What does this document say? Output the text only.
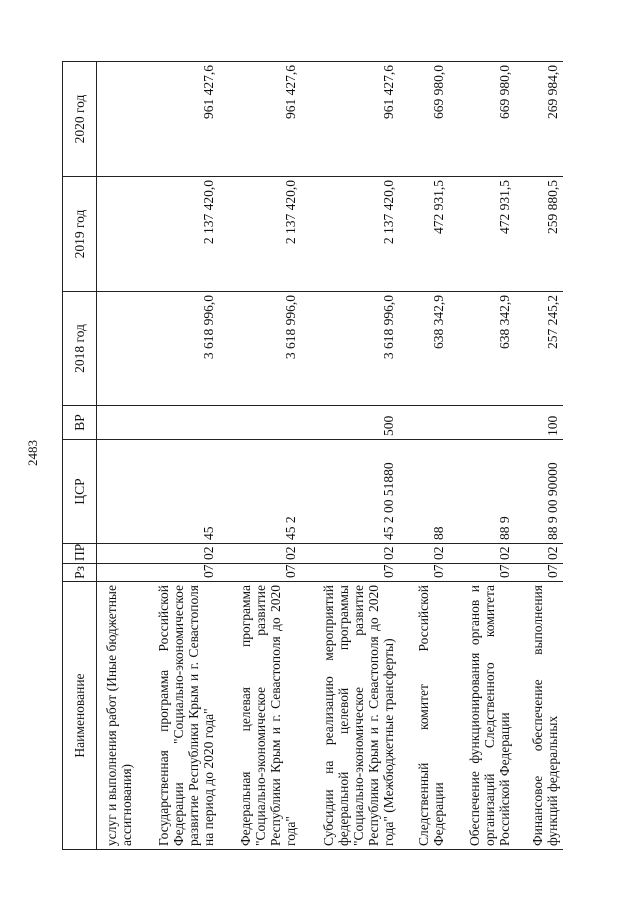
2483
Наименование	Рз	ПР	ЦСР	ВР	2018 год	2019 год	2020 год
услуг и выполнения работ (Иные бюджетные ассигнования)							
Государственная программа Российской Федерации "Социально-экономическое развитие Республики Крым и г. Севастополя на период до 2020 года"	07	02	45		3 618 996,0	2 137 420,0	961 427,6
Федеральная целевая программа "Социально-экономическое развитие Республики Крым и г. Севастополя до 2020 года"	07	02	45 2		3 618 996,0	2 137 420,0	961 427,6
Субсидии на реализацию мероприятий федеральной целевой программы "Социально-экономическое развитие Республики Крым и г. Севастополя до 2020 года" (Межбюджетные трансферты)	07	02	45 2 00 51880	500	3 618 996,0	2 137 420,0	961 427,6
Следственный комитет Российской Федерации	07	02	88		638 342,9	472 931,5	669 980,0
Обеспечение функционирования органов и организаций Следственного комитета Российской Федерации	07	02	88 9		638 342,9	472 931,5	669 980,0
Финансовое обеспечение выполнения функций федеральных	07	02	88 9 00 90000	100	257 245,2	259 880,5	269 984,0
